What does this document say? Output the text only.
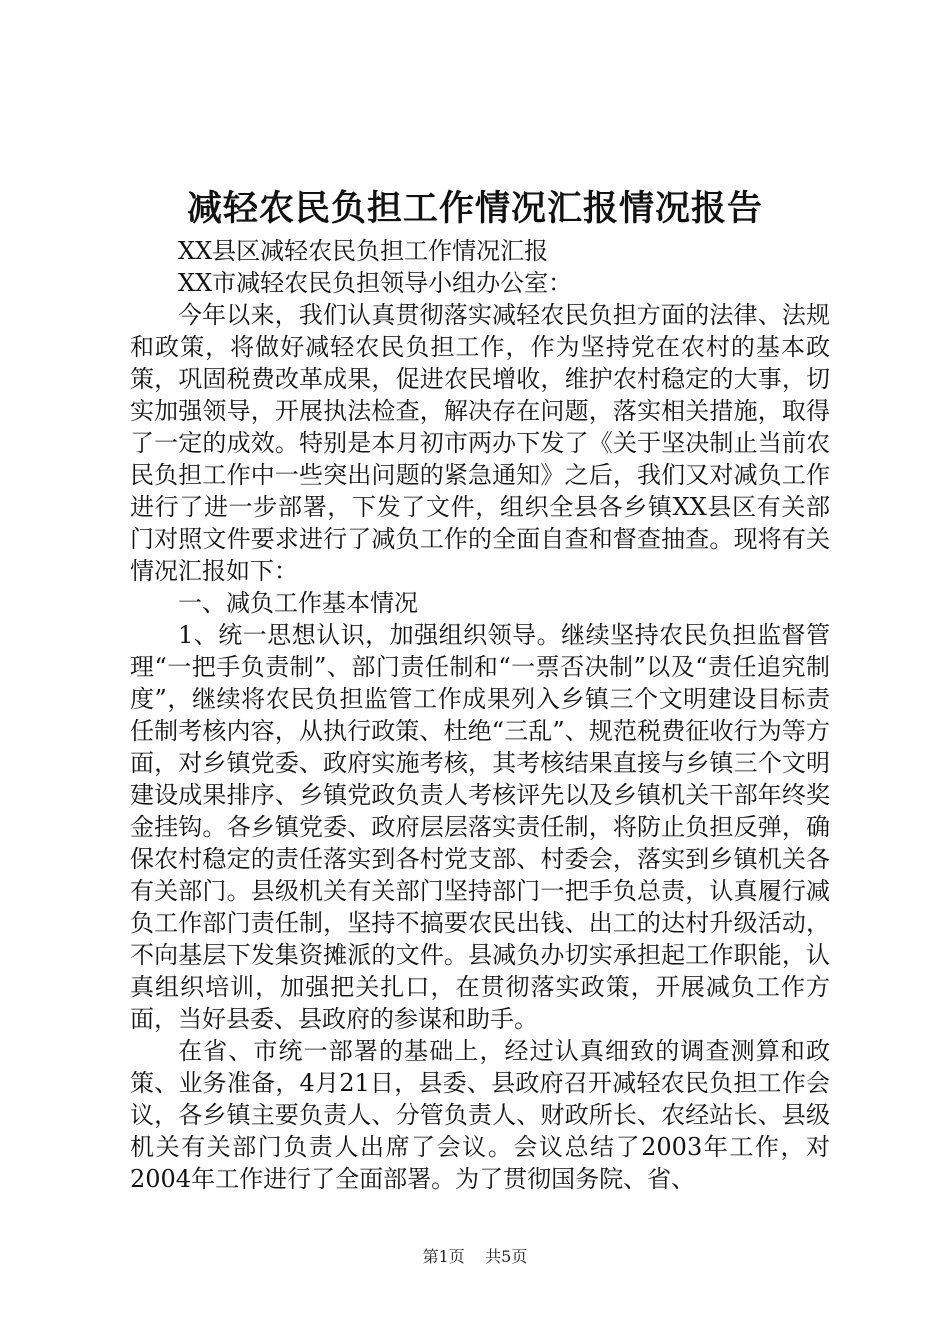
减轻农民负担工作情况汇报情况报告

XX县区减轻农民负担工作情况汇报

XX市减轻农民负担领导小组办公室：

今年以来，我们认真贯彻落实减轻农民负担方面的法律、法规和政策，将做好减轻农民负担工作，作为坚持党在农村的基本政策，巩固税费改革成果，促进农民增收，维护农村稳定的大事，切实加强领导，开展执法检查，解决存在问题，落实相关措施，取得了一定的成效。特别是本月初市两办下发了《关于坚决制止当前农民负担工作中一些突出问题的紧急通知》之后，我们又对减负工作进行了进一步部署，下发了文件，组织全县各乡镇XX县区有关部门对照文件要求进行了减负工作的全面自查和督查抽查。现将有关情况汇报如下：

一、减负工作基本情况

1、统一思想认识，加强组织领导。继续坚持农民负担监督管理“一把手负责制”、部门责任制和“一票否决制”以及“责任追究制度”，继续将农民负担监管工作成果列入乡镇三个文明建设目标责任制考核内容，从执行政策、杜绝“三乱”、规范税费征收行为等方面，对乡镇党委、政府实施考核，其考核结果直接与乡镇三个文明建设成果排序、乡镇党政负责人考核评先以及乡镇机关干部年终奖金挂钩。各乡镇党委、政府层层落实责任制，将防止负担反弹，确保农村稳定的责任落实到各村党支部、村委会，落实到乡镇机关各有关部门。县级机关有关部门坚持部门一把手负总责，认真履行减负工作部门责任制，坚持不搞要农民出钱、出工的达村升级活动，不向基层下发集资摊派的文件。县减负办切实承担起工作职能，认真组织培训，加强把关扎口，在贯彻落实政策，开展减负工作方面，当好县委、县政府的参谋和助手。

在省、市统一部署的基础上，经过认真细致的调查测算和政策、业务准备，4月21日，县委、县政府召开减轻农民负担工作会议，各乡镇主要负责人、分管负责人、财政所长、农经站长、县级机关有关部门负责人出席了会议。会议总结了2003年工作，对2004年工作进行了全面部署。为了贯彻国务院、省、

第1页 共5页
